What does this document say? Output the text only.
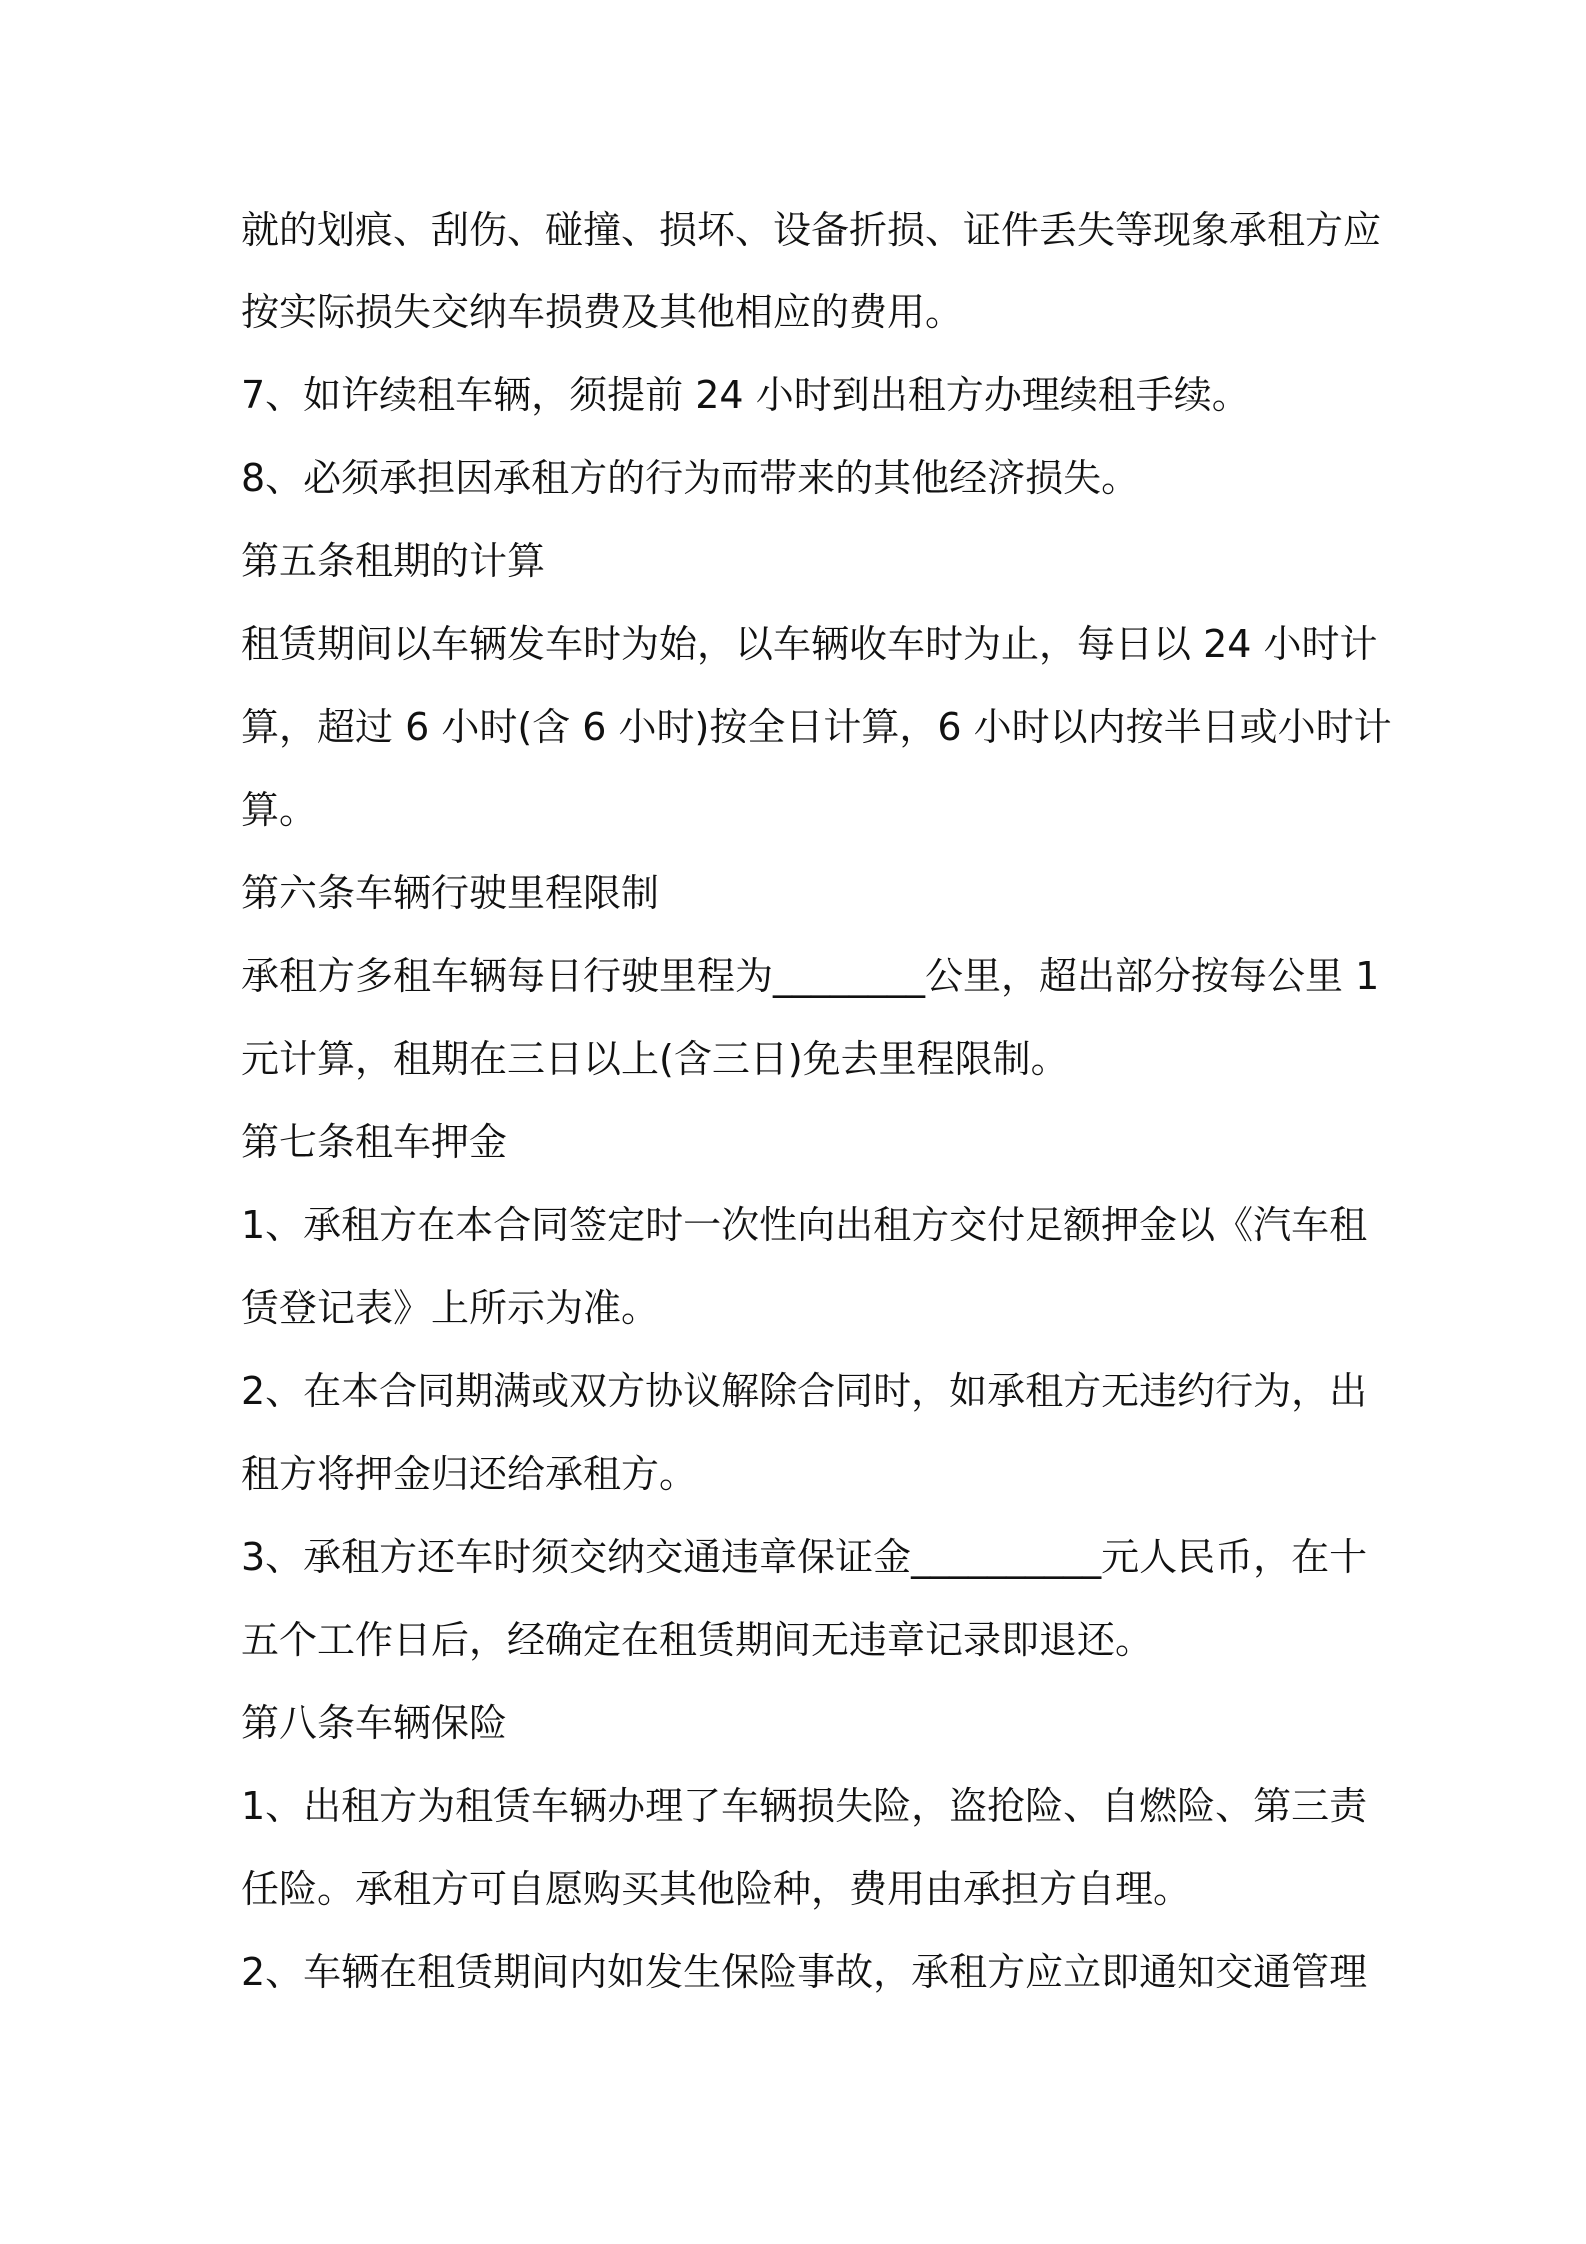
就的划痕、刮伤、碰撞、损坏、设备折损、证件丢失等现象承租方应
按实际损失交纳车损费及其他相应的费用。
7、如许续租车辆，须提前 24 小时到出租方办理续租手续。
8、必须承担因承租方的行为而带来的其他经济损失。
第五条租期的计算
租赁期间以车辆发车时为始，以车辆收车时为止，每日以 24 小时计
算，超过 6 小时(含 6 小时)按全日计算，6 小时以内按半日或小时计
算。
第六条车辆行驶里程限制
承租方多租车辆每日行驶里程为________公里，超出部分按每公里 1
元计算，租期在三日以上(含三日)免去里程限制。
第七条租车押金
1、承租方在本合同签定时一次性向出租方交付足额押金以《汽车租
赁登记表》上所示为准。
2、在本合同期满或双方协议解除合同时，如承租方无违约行为，出
租方将押金归还给承租方。
3、承租方还车时须交纳交通违章保证金__________元人民币，在十
五个工作日后，经确定在租赁期间无违章记录即退还。
第八条车辆保险
1、出租方为租赁车辆办理了车辆损失险，盗抢险、自燃险、第三责
任险。承租方可自愿购买其他险种，费用由承担方自理。
2、车辆在租赁期间内如发生保险事故，承租方应立即通知交通管理
